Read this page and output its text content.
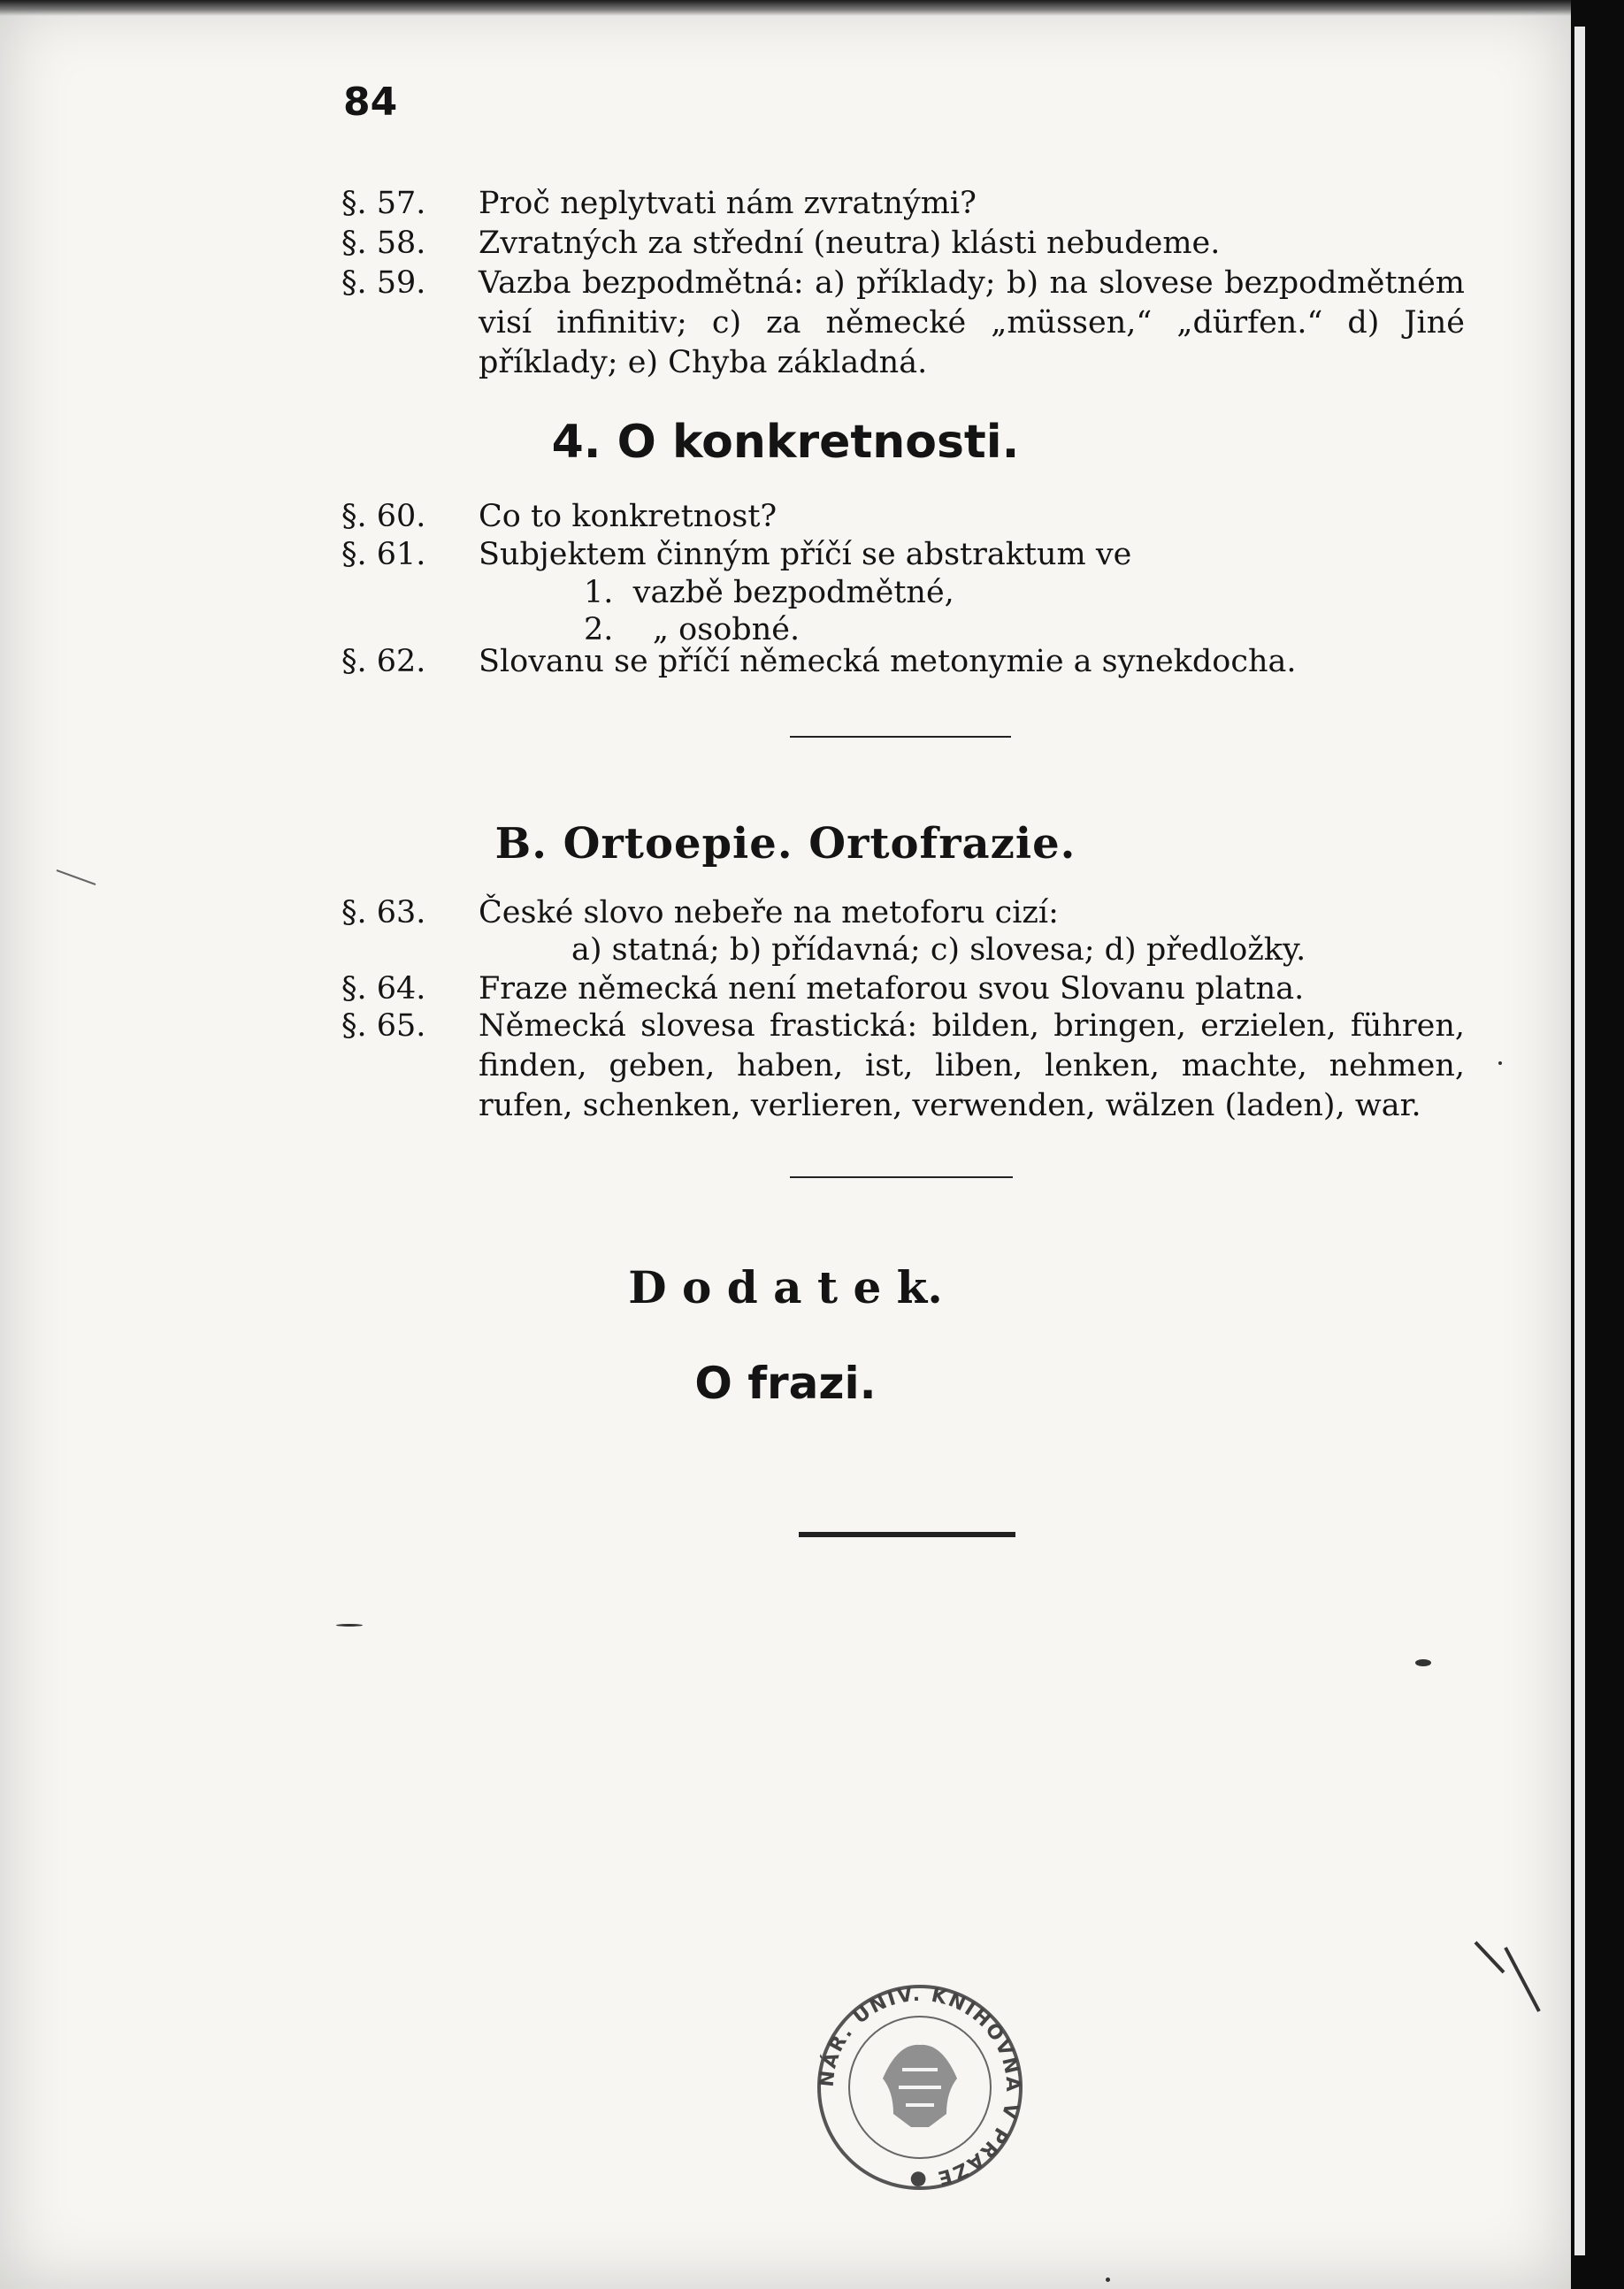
84
§. 57. Proč neplytvati nám zvratnými?
§. 58. Zvratných za střední (neutra) klásti nebudeme.
§. 59. Vazba bezpodmětná: a) příklady; b) na slovese bezpodmětném visí infinitiv; c) za německé „müssen,“ „dürfen.“ d) Jiné příklady; e) Chyba základná.
4. O konkretnosti.
§. 60. Co to konkretnost?
§. 61. Subjektem činným příčí se abstraktum ve
1. vazbě bezpodmětné,
2. „ osobné.
§. 62. Slovanu se příčí německá metonymie a synekdocha.
B. Ortoepie. Ortofrazie.
§. 63. České slovo nebeře na metoforu cizí:
a) statná; b) přídavná; c) slovesa; d) předložky.
§. 64. Fraze německá není metaforou svou Slovanu platna.
§. 65. Německá slovesa frastická: bilden, bringen, erzielen, führen, finden, geben, haben, ist, liben, lenken, machte, nehmen, rufen, schenken, verlieren, verwenden, wälzen (laden), war.
D o d a t e k.
O frazi.
NÁR. UNIV. KNIHOVNA V PRAZE ●
